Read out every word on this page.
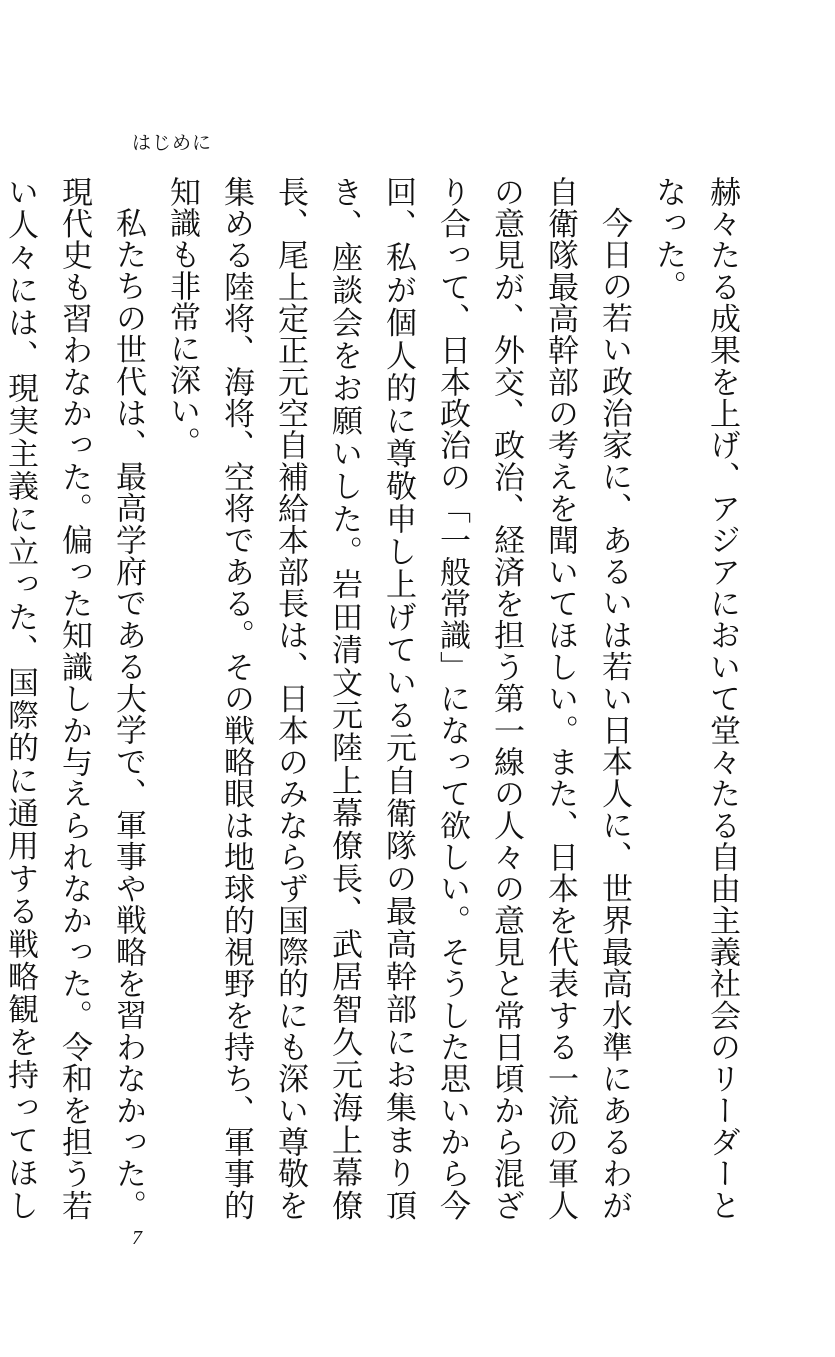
はじめに

赫々たる成果を上げ、アジアにおいて堂々たる自由主義社会のリーダーとなった。

今日の若い政治家に、あるいは若い日本人に、世界最高水準にあるわが自衛隊最高幹部の考えを聞いてほしい。また、日本を代表する一流の軍人の意見が、外交、政治、経済を担う第一線の人々の意見と常日頃から混ざり合って、日本政治の「一般常識」になって欲しい。そうした思いから今回、私が個人的に尊敬申し上げている元自衛隊の最高幹部にお集まり頂き、座談会をお願いした。岩田清文元陸上幕僚長、武居智久元海上幕僚長、尾上定正元空自補給本部長は、日本のみならず国際的にも深い尊敬を集める陸将、海将、空将である。その戦略眼は地球的視野を持ち、軍事的知識も非常に深い。

私たちの世代は、最高学府である大学で、軍事や戦略を習わなかった。現代史も習わなかった。偏った知識しか与えられなかった。令和を担う若い人々には、現実主義に立った、国際的に通用する戦略観を持ってほし

7
